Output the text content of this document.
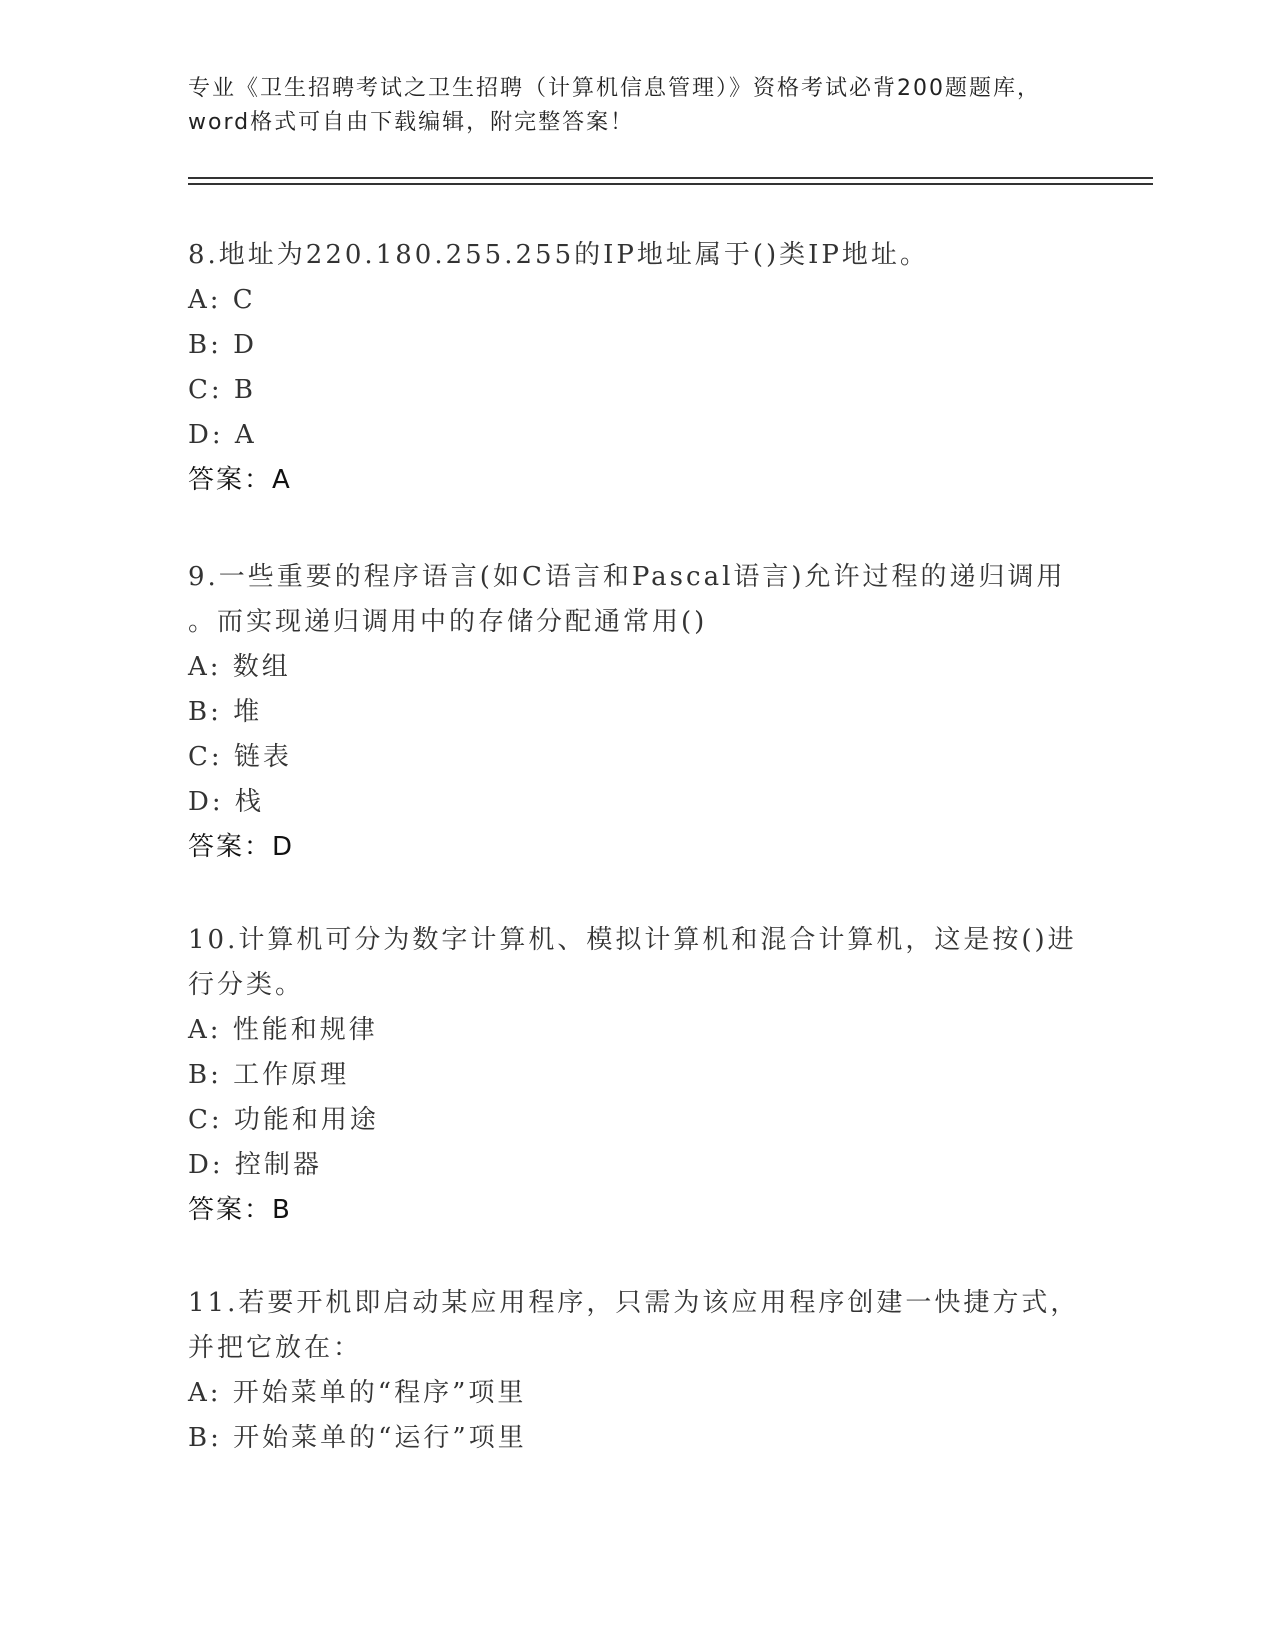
专业《卫生招聘考试之卫生招聘（计算机信息管理）》资格考试必背200题题库，
word格式可自由下载编辑，附完整答案！

8.地址为220.180.255.255的IP地址属于()类IP地址。

A: C

B: D

C: B

D: A

答案：A

9.一些重要的程序语言(如C语言和Pascal语言)允许过程的递归调用

。而实现递归调用中的存储分配通常用()

A: 数组

B: 堆

C: 链表

D: 栈

答案：D

10.计算机可分为数字计算机、模拟计算机和混合计算机，这是按()进

行分类。

A: 性能和规律

B: 工作原理

C: 功能和用途

D: 控制器

答案：B

11.若要开机即启动某应用程序，只需为该应用程序创建一快捷方式，

并把它放在：

A: 开始菜单的“程序”项里

B: 开始菜单的“运行”项里
